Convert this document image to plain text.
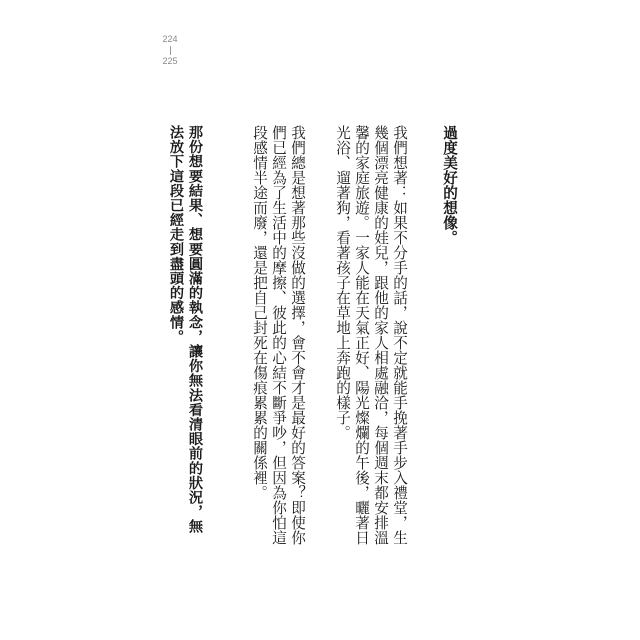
224
225
過度美好的想像。
我們想著：如果不分手的話，說不定就能手挽著手步入禮堂，生
幾個漂亮健康的娃兒，跟他的家人相處融洽，每個週末都安排溫
馨的家庭旅遊。一家人能在天氣正好、陽光燦爛的午後，曬著日
光浴、遛著狗，看著孩子在草地上奔跑的樣子。
我們總是想著那些沒做的選擇，會不會才是最好的答案？即使你
們已經為了生活中的摩擦、彼此的心結不斷爭吵，但因為你怕這
段感情半途而廢，還是把自己封死在傷痕累累的關係裡。
那份想要結果、想要圓滿的執念，讓你無法看清眼前的狀況，無
法放下這段已經走到盡頭的感情。
